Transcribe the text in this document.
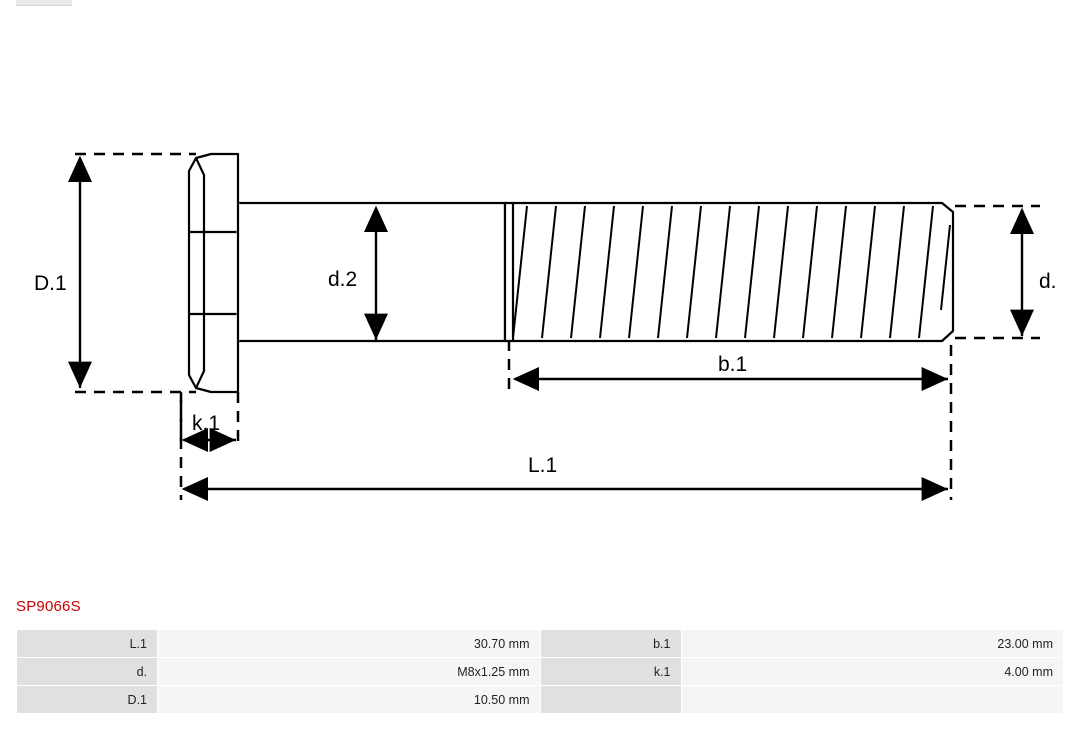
D.1	d.2	d.
k.1
b.1
L.1
SP9066S
L.1	30.70 mm	b.1	23.00 mm
d.	M8x1.25 mm	k.1	4.00 mm
D.1	10.50 mm		
